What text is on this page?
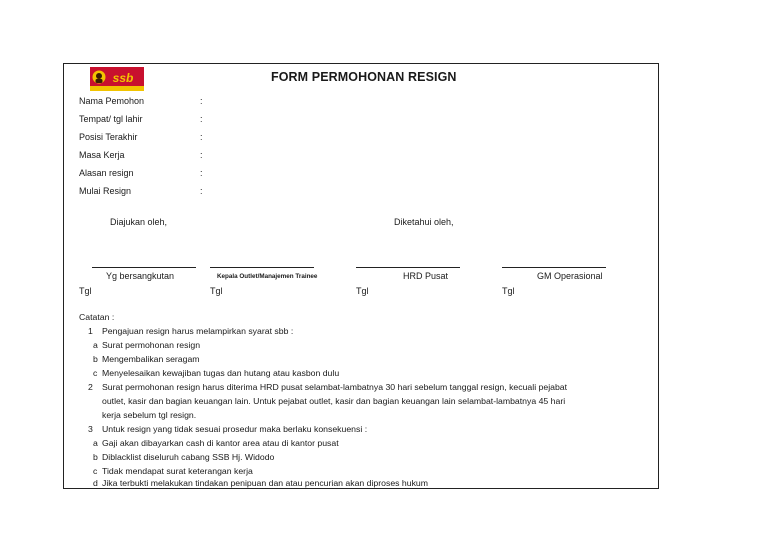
ssb	FORM PERMOHONAN RESIGN
Nama Pemohon	:
Tempat/ tgl lahir	:
Posisi Terakhir	:
Masa Kerja	:
Alasan resign	:
Mulai Resign	:
Diajukan oleh,	Diketahui oleh,
Yg bersangkutan	Kepala Outlet/Manajemen Trainee	HRD Pusat	GM Operasional
Tgl	Tgl	Tgl	Tgl
Catatan :
1 Pengajuan resign harus melampirkan syarat sbb :
a Surat permohonan resign
b Mengembalikan seragam
c Menyelesaikan kewajiban tugas dan hutang atau kasbon dulu
2 Surat permohonan resign harus diterima HRD pusat selambat-lambatnya 30 hari sebelum tanggal resign, kecuali pejabat
outlet, kasir dan bagian keuangan lain. Untuk pejabat outlet, kasir dan bagian keuangan lain selambat-lambatnya 45 hari
kerja sebelum tgl resign.
3 Untuk resign yang tidak sesuai prosedur maka berlaku konsekuensi :
a Gaji akan dibayarkan cash di kantor area atau di kantor pusat
b Diblacklist diseluruh cabang SSB Hj. Widodo
c Tidak mendapat surat keterangan kerja
d Jika terbukti melakukan tindakan penipuan dan atau pencurian akan diproses hukum
